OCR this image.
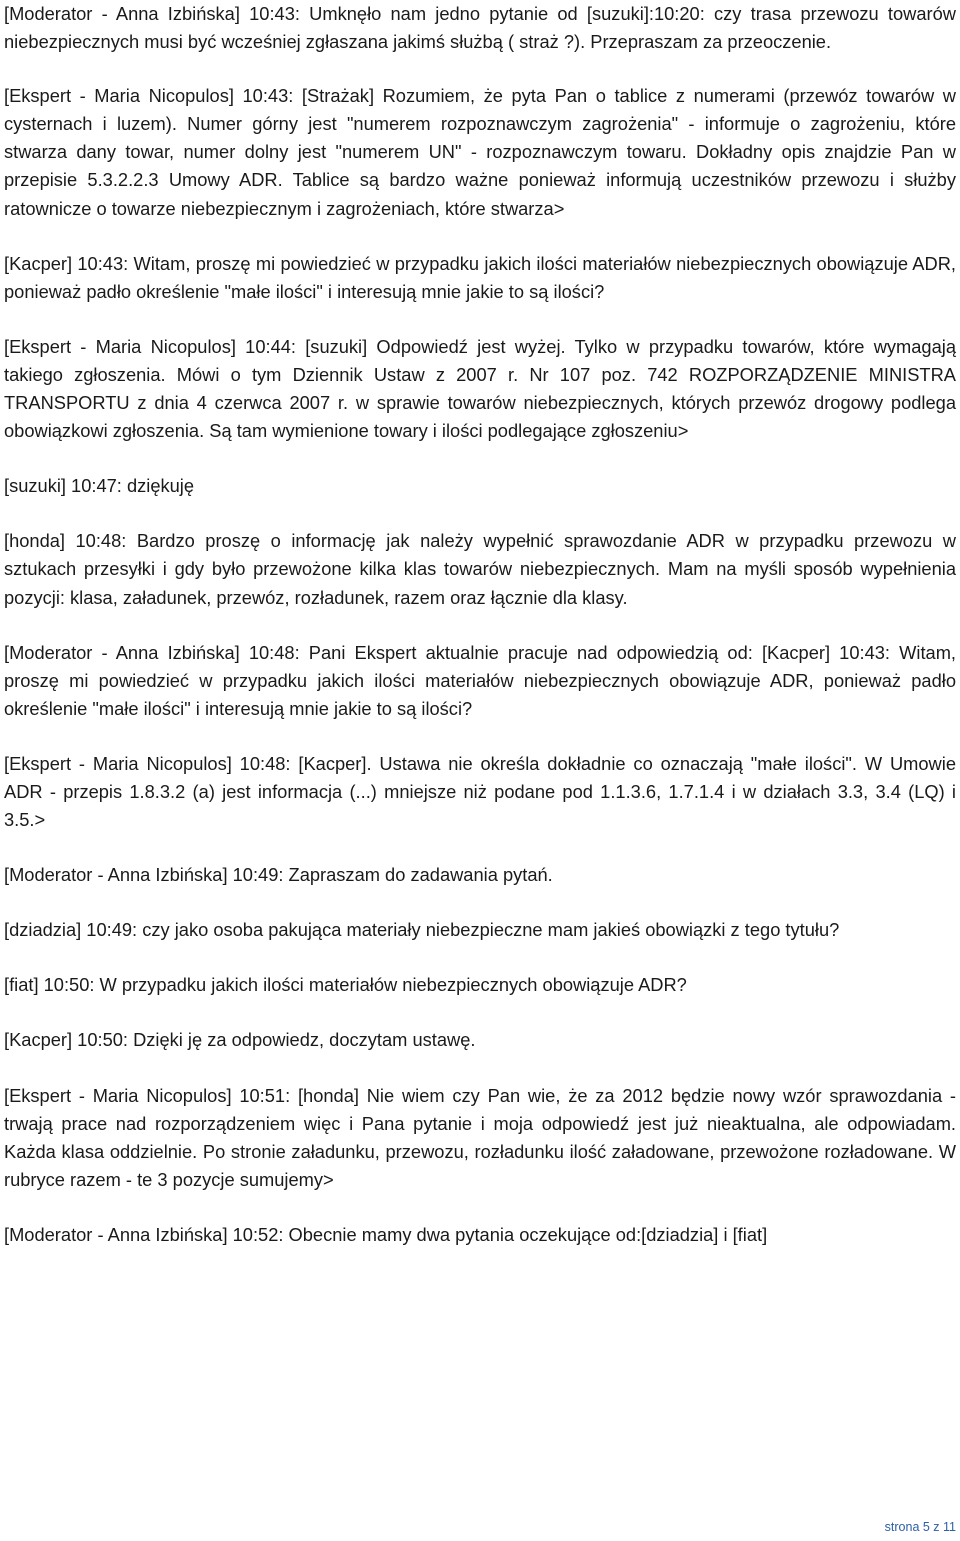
[Moderator - Anna Izbińska] 10:43: Umknęło nam jedno pytanie od [suzuki]:10:20: czy trasa przewozu towarów niebezpiecznych musi być wcześniej zgłaszana jakimś służbą ( straż ?). Przepraszam za przeoczenie.

[Ekspert - Maria Nicopulos] 10:43: [Strażak] Rozumiem, że pyta Pan o tablice z numerami (przewóz towarów w cysternach i luzem). Numer górny jest "numerem rozpoznawczym zagrożenia" - informuje o zagrożeniu, które stwarza dany towar, numer dolny jest "numerem UN" - rozpoznawczym towaru. Dokładny opis znajdzie Pan w przepisie 5.3.2.2.3 Umowy ADR. Tablice są bardzo ważne ponieważ informują uczestników przewozu i służby ratownicze o towarze niebezpiecznym i zagrożeniach, które stwarza>

[Kacper] 10:43: Witam, proszę mi powiedzieć w przypadku jakich ilości materiałów niebezpiecznych obowiązuje ADR, ponieważ padło określenie "małe ilości" i interesują mnie jakie to są ilości?

[Ekspert - Maria Nicopulos] 10:44: [suzuki] Odpowiedź jest wyżej. Tylko w przypadku towarów, które wymagają takiego zgłoszenia. Mówi o tym Dziennik Ustaw z 2007 r. Nr 107 poz. 742 ROZPORZĄDZENIE MINISTRA TRANSPORTU z dnia 4 czerwca 2007 r. w sprawie towarów niebezpiecznych, których przewóz drogowy podlega obowiązkowi zgłoszenia. Są tam wymienione towary i ilości podlegające zgłoszeniu>

[suzuki] 10:47: dziękuję

[honda] 10:48: Bardzo proszę o informację jak należy wypełnić sprawozdanie ADR w przypadku przewozu w sztukach przesyłki i gdy było przewożone kilka klas towarów niebezpiecznych. Mam na myśli sposób wypełnienia pozycji: klasa, załadunek, przewóz, rozładunek, razem oraz łącznie dla klasy.

[Moderator - Anna Izbińska] 10:48: Pani Ekspert aktualnie pracuje nad odpowiedzią od: [Kacper] 10:43: Witam, proszę mi powiedzieć w przypadku jakich ilości materiałów niebezpiecznych obowiązuje ADR, ponieważ padło określenie "małe ilości" i interesują mnie jakie to są ilości?

[Ekspert - Maria Nicopulos] 10:48: [Kacper]. Ustawa nie określa dokładnie co oznaczają "małe ilości". W Umowie ADR - przepis 1.8.3.2 (a) jest informacja (...) mniejsze niż podane pod 1.1.3.6, 1.7.1.4 i w działach 3.3, 3.4 (LQ) i 3.5.>

[Moderator - Anna Izbińska] 10:49: Zapraszam do zadawania pytań.

[dziadzia] 10:49: czy jako osoba pakująca materiały niebezpieczne mam jakieś obowiązki z tego tytułu?

[fiat] 10:50: W przypadku jakich ilości materiałów niebezpiecznych obowiązuje ADR?

[Kacper] 10:50: Dzięki ję za odpowiedz, doczytam ustawę.

[Ekspert - Maria Nicopulos] 10:51: [honda] Nie wiem czy Pan wie, że za 2012 będzie nowy wzór sprawozdania - trwają prace nad rozporządzeniem więc i Pana pytanie i moja odpowiedź jest już nieaktualna, ale odpowiadam. Każda klasa oddzielnie. Po stronie załadunku, przewozu, rozładunku ilość załadowane, przewożone rozładowane. W rubryce razem - te 3 pozycje sumujemy>

[Moderator - Anna Izbińska] 10:52: Obecnie mamy dwa pytania oczekujące od:[dziadzia] i [fiat]

strona 5 z 11
